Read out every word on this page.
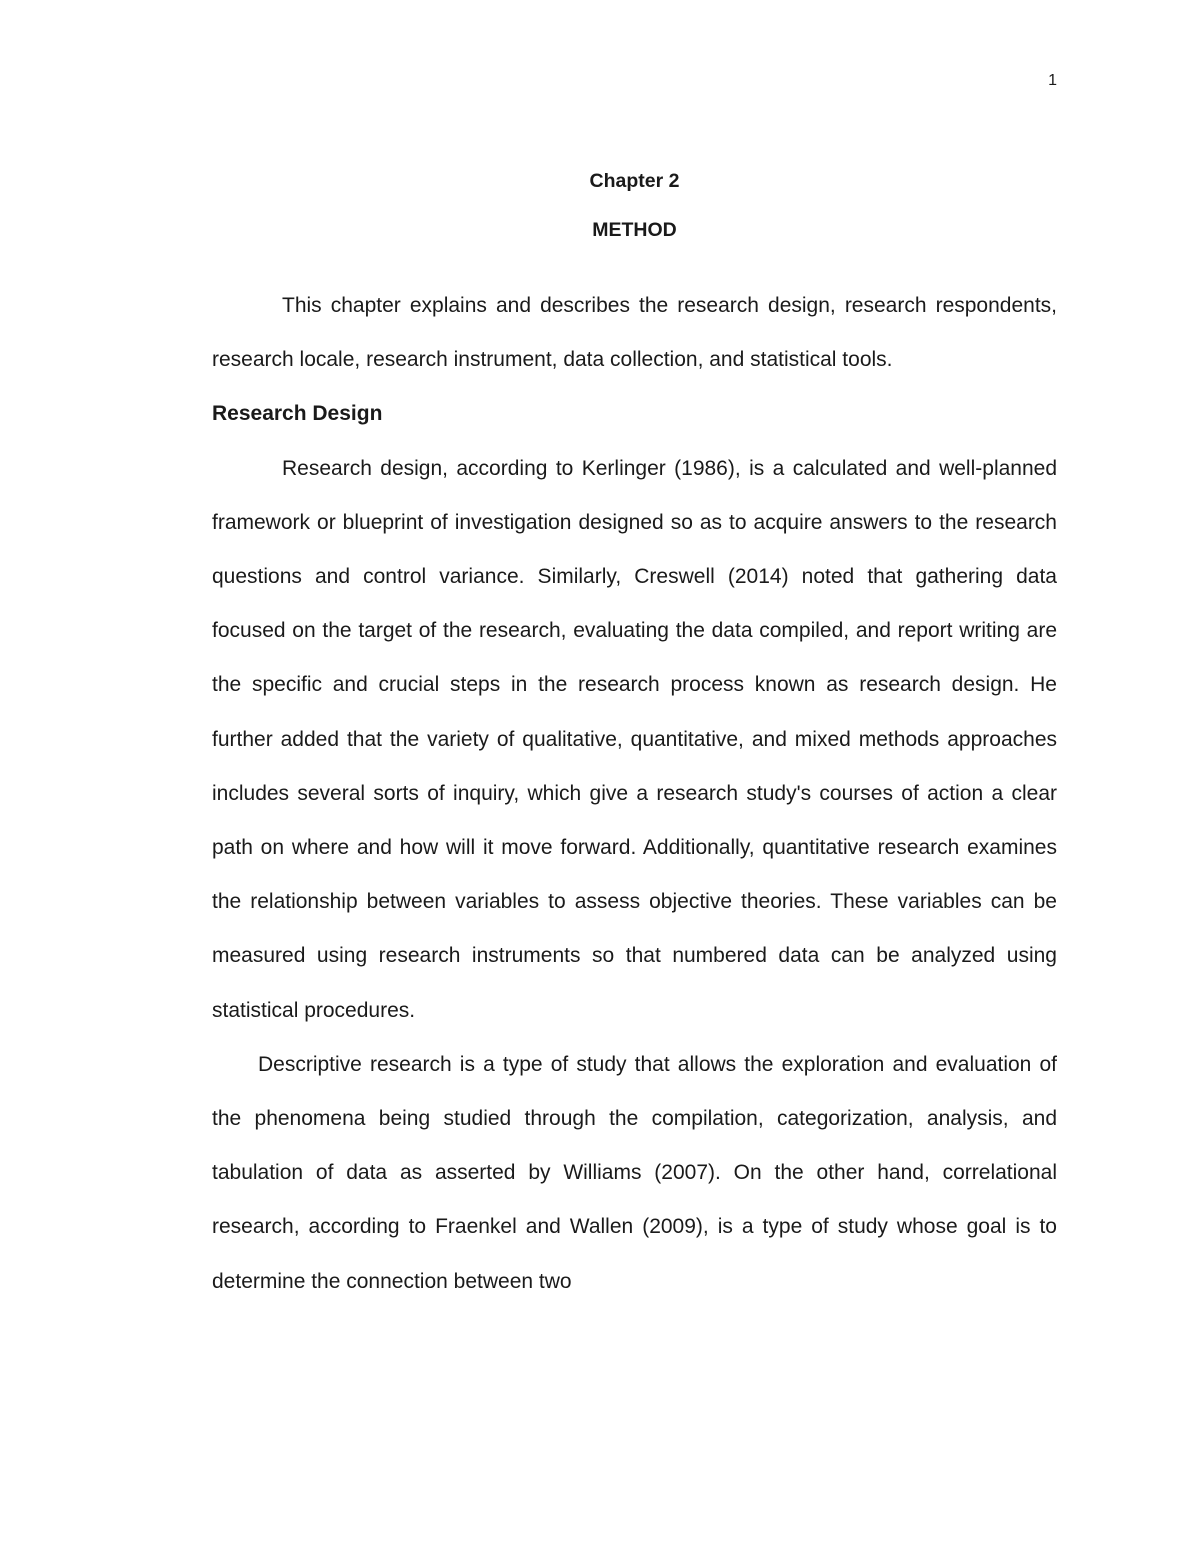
1
Chapter 2
METHOD

This chapter explains and describes the research design, research respondents, research locale, research instrument, data collection, and statistical tools.

Research Design

Research design, according to Kerlinger (1986), is a calculated and well-planned framework or blueprint of investigation designed so as to acquire answers to the research questions and control variance. Similarly, Creswell (2014) noted that gathering data focused on the target of the research, evaluating the data compiled, and report writing are the specific and crucial steps in the research process known as research design. He further added that the variety of qualitative, quantitative, and mixed methods approaches includes several sorts of inquiry, which give a research study's courses of action a clear path on where and how will it move forward. Additionally, quantitative research examines the relationship between variables to assess objective theories. These variables can be measured using research instruments so that numbered data can be analyzed using statistical procedures.

Descriptive research is a type of study that allows the exploration and evaluation of the phenomena being studied through the compilation, categorization, analysis, and tabulation of data as asserted by Williams (2007). On the other hand, correlational research, according to Fraenkel and Wallen (2009), is a type of study whose goal is to determine the connection between two
